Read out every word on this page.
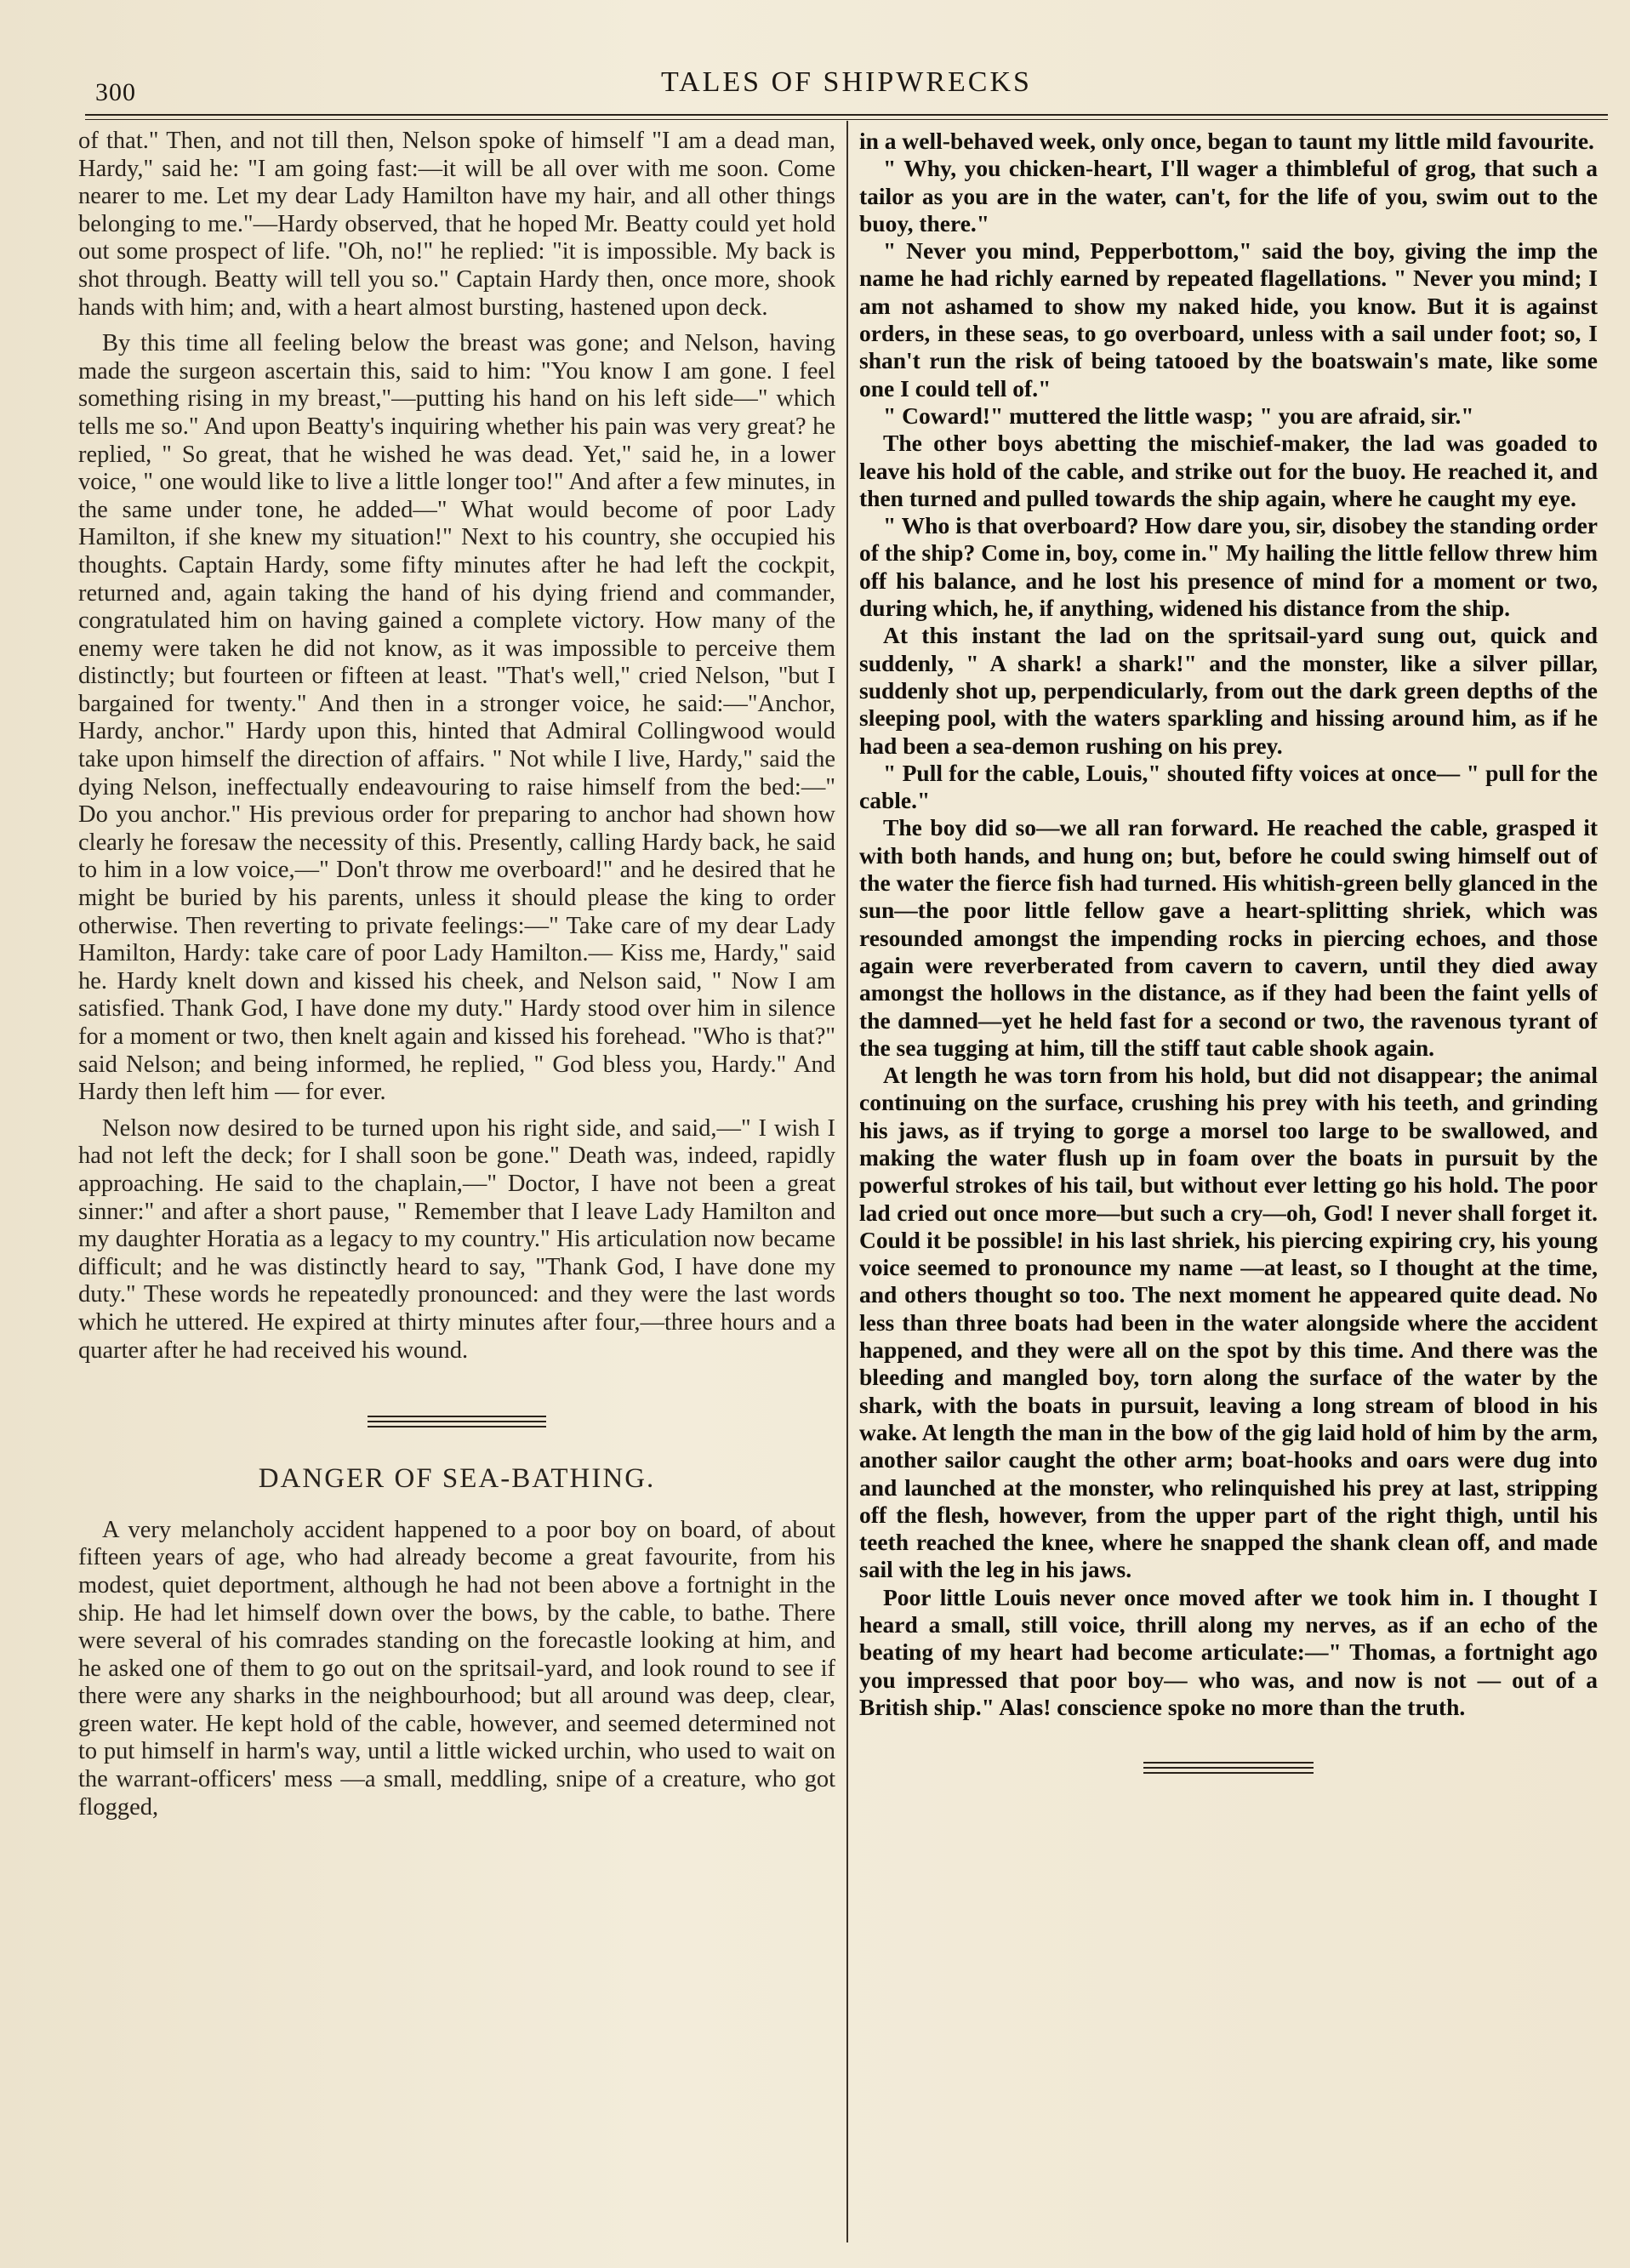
300	TALES OF SHIPWRECKS

of that." Then, and not till then, Nelson spoke of himself "I am a dead man, Hardy," said he: "I am going fast:—it will be all over with me soon. Come nearer to me. Let my dear Lady Hamilton have my hair, and all other things belonging to me."—Hardy observed, that he hoped Mr. Beatty could yet hold out some prospect of life. "Oh, no!" he replied: "it is impossible. My back is shot through. Beatty will tell you so." Captain Hardy then, once more, shook hands with him; and, with a heart almost bursting, hastened upon deck.

By this time all feeling below the breast was gone; and Nelson, having made the surgeon ascertain this, said to him: "You know I am gone. I feel something rising in my breast,"—putting his hand on his left side—" which tells me so." And upon Beatty's inquiring whether his pain was very great? he replied, " So great, that he wished he was dead. Yet," said he, in a lower voice, " one would like to live a little longer too!" And after a few minutes, in the same under tone, he added—" What would become of poor Lady Hamilton, if she knew my situation!" Next to his country, she occupied his thoughts. Captain Hardy, some fifty minutes after he had left the cockpit, returned and, again taking the hand of his dying friend and commander, congratulated him on having gained a complete victory. How many of the enemy were taken he did not know, as it was impossible to perceive them distinctly; but fourteen or fifteen at least. "That's well," cried Nelson, "but I bargained for twenty." And then in a stronger voice, he said:—"Anchor, Hardy, anchor." Hardy upon this, hinted that Admiral Collingwood would take upon himself the direction of affairs. " Not while I live, Hardy," said the dying Nelson, ineffectually endeavouring to raise himself from the bed:—" Do you anchor." His previous order for preparing to anchor had shown how clearly he foresaw the necessity of this. Presently, calling Hardy back, he said to him in a low voice,—" Don't throw me overboard!" and he desired that he might be buried by his parents, unless it should please the king to order otherwise. Then reverting to private feelings:—" Take care of my dear Lady Hamilton, Hardy: take care of poor Lady Hamilton.— Kiss me, Hardy," said he. Hardy knelt down and kissed his cheek, and Nelson said, " Now I am satisfied. Thank God, I have done my duty." Hardy stood over him in silence for a moment or two, then knelt again and kissed his forehead. "Who is that?" said Nelson; and being informed, he replied, " God bless you, Hardy." And Hardy then left him — for ever.

Nelson now desired to be turned upon his right side, and said,—" I wish I had not left the deck; for I shall soon be gone." Death was, indeed, rapidly approaching. He said to the chaplain,—" Doctor, I have not been a great sinner:" and after a short pause, " Remember that I leave Lady Hamilton and my daughter Horatia as a legacy to my country." His articulation now became difficult; and he was distinctly heard to say, "Thank God, I have done my duty." These words he repeatedly pronounced: and they were the last words which he uttered. He expired at thirty minutes after four,—three hours and a quarter after he had received his wound.

DANGER OF SEA-BATHING.

A very melancholy accident happened to a poor boy on board, of about fifteen years of age, who had already become a great favourite, from his modest, quiet deportment, although he had not been above a fortnight in the ship. He had let himself down over the bows, by the cable, to bathe. There were several of his comrades standing on the forecastle looking at him, and he asked one of them to go out on the spritsail-yard, and look round to see if there were any sharks in the neighbourhood; but all around was deep, clear, green water. He kept hold of the cable, however, and seemed determined not to put himself in harm's way, until a little wicked urchin, who used to wait on the warrant-officers' mess —a small, meddling, snipe of a creature, who got flogged,

in a well-behaved week, only once, began to taunt my little mild favourite.

" Why, you chicken-heart, I'll wager a thimbleful of grog, that such a tailor as you are in the water, can't, for the life of you, swim out to the buoy, there."

" Never you mind, Pepperbottom," said the boy, giving the imp the name he had richly earned by repeated flagellations. " Never you mind; I am not ashamed to show my naked hide, you know. But it is against orders, in these seas, to go overboard, unless with a sail under foot; so, I shan't run the risk of being tatooed by the boatswain's mate, like some one I could tell of."

" Coward!" muttered the little wasp; " you are afraid, sir."

The other boys abetting the mischief-maker, the lad was goaded to leave his hold of the cable, and strike out for the buoy. He reached it, and then turned and pulled towards the ship again, where he caught my eye.

" Who is that overboard? How dare you, sir, disobey the standing order of the ship? Come in, boy, come in." My hailing the little fellow threw him off his balance, and he lost his presence of mind for a moment or two, during which, he, if anything, widened his distance from the ship.

At this instant the lad on the spritsail-yard sung out, quick and suddenly, " A shark! a shark!" and the monster, like a silver pillar, suddenly shot up, perpendicularly, from out the dark green depths of the sleeping pool, with the waters sparkling and hissing around him, as if he had been a sea-demon rushing on his prey.

" Pull for the cable, Louis," shouted fifty voices at once— " pull for the cable."

The boy did so—we all ran forward. He reached the cable, grasped it with both hands, and hung on; but, before he could swing himself out of the water the fierce fish had turned. His whitish-green belly glanced in the sun—the poor little fellow gave a heart-splitting shriek, which was resounded amongst the impending rocks in piercing echoes, and those again were reverberated from cavern to cavern, until they died away amongst the hollows in the distance, as if they had been the faint yells of the damned—yet he held fast for a second or two, the ravenous tyrant of the sea tugging at him, till the stiff taut cable shook again.

At length he was torn from his hold, but did not disappear; the animal continuing on the surface, crushing his prey with his teeth, and grinding his jaws, as if trying to gorge a morsel too large to be swallowed, and making the water flush up in foam over the boats in pursuit by the powerful strokes of his tail, but without ever letting go his hold. The poor lad cried out once more—but such a cry—oh, God! I never shall forget it. Could it be possible! in his last shriek, his piercing expiring cry, his young voice seemed to pronounce my name —at least, so I thought at the time, and others thought so too. The next moment he appeared quite dead. No less than three boats had been in the water alongside where the accident happened, and they were all on the spot by this time. And there was the bleeding and mangled boy, torn along the surface of the water by the shark, with the boats in pursuit, leaving a long stream of blood in his wake. At length the man in the bow of the gig laid hold of him by the arm, another sailor caught the other arm; boat-hooks and oars were dug into and launched at the monster, who relinquished his prey at last, stripping off the flesh, however, from the upper part of the right thigh, until his teeth reached the knee, where he snapped the shank clean off, and made sail with the leg in his jaws.

Poor little Louis never once moved after we took him in. I thought I heard a small, still voice, thrill along my nerves, as if an echo of the beating of my heart had become articulate:—" Thomas, a fortnight ago you impressed that poor boy— who was, and now is not — out of a British ship." Alas! conscience spoke no more than the truth.
